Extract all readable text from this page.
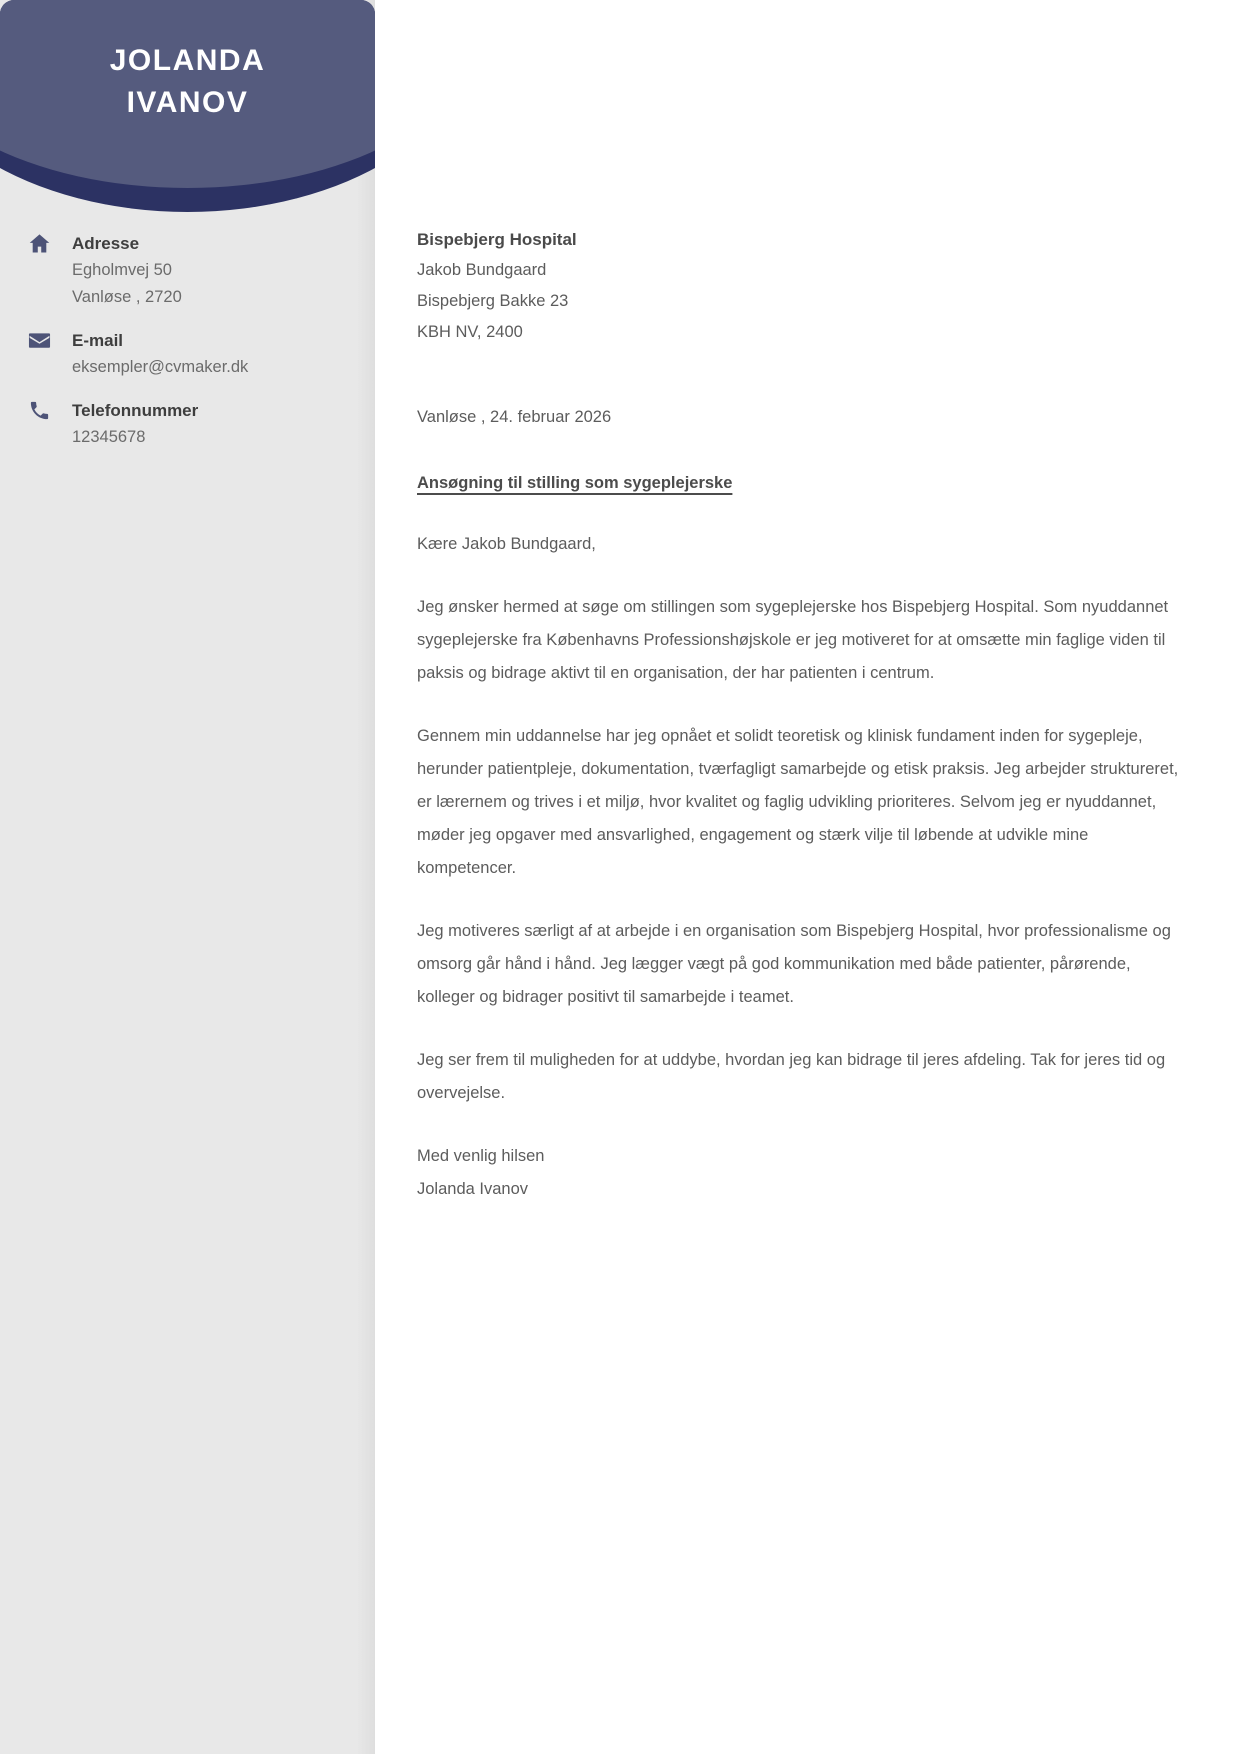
JOLANDA
IVANOV
Adresse
Egholmvej 50
Vanløse , 2720
E-mail
eksempler@cvmaker.dk
Telefonnummer
12345678
Bispebjerg Hospital
Jakob Bundgaard
Bispebjerg Bakke 23
KBH NV, 2400
Vanløse , 24. februar 2026
Ansøgning til stilling som sygeplejerske
Kære Jakob Bundgaard,

Jeg ønsker hermed at søge om stillingen som sygeplejerske hos Bispebjerg Hospital. Som nyuddannet sygeplejerske fra Københavns Professionshøjskole er jeg motiveret for at omsætte min faglige viden til paksis og bidrage aktivt til en organisation, der har patienten i centrum.

Gennem min uddannelse har jeg opnået et solidt teoretisk og klinisk fundament inden for sygepleje, herunder patientpleje, dokumentation, tværfagligt samarbejde og etisk praksis. Jeg arbejder struktureret, er lærernem og trives i et miljø, hvor kvalitet og faglig udvikling prioriteres. Selvom jeg er nyuddannet, møder jeg opgaver med ansvarlighed, engagement og stærk vilje til løbende at udvikle mine kompetencer.

Jeg motiveres særligt af at arbejde i en organisation som Bispebjerg Hospital, hvor professionalisme og omsorg går hånd i hånd. Jeg lægger vægt på god kommunikation med både patienter, pårørende, kolleger og bidrager positivt til samarbejde i teamet.

Jeg ser frem til muligheden for at uddybe, hvordan jeg kan bidrage til jeres afdeling. Tak for jeres tid og overvejelse.

Med venlig hilsen
Jolanda Ivanov
